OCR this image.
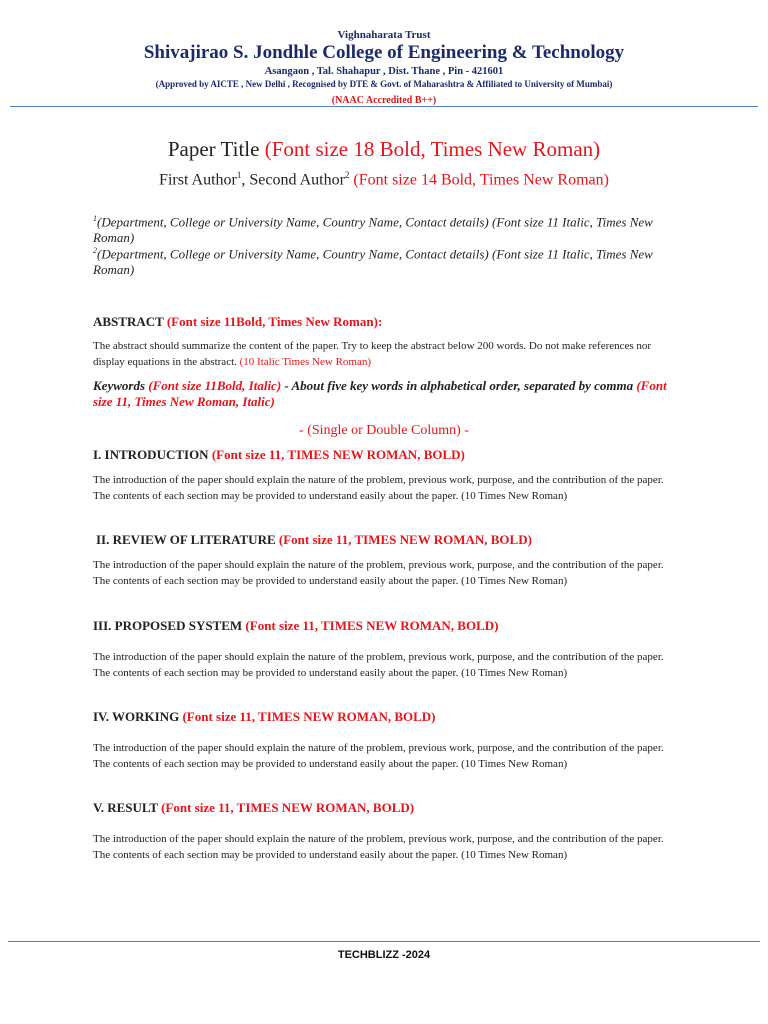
Vighnaharata Trust
Shivajirao S. Jondhle College of Engineering & Technology
Asangaon , Tal. Shahapur , Dist. Thane , Pin - 421601
(Approved by AICTE , New Delhi , Recognised by DTE & Govt. of Maharashtra & Affiliated to University of Mumbai)
(NAAC Accredited B++)
Paper Title (Font size 18 Bold, Times New Roman)
First Author$^1$, Second Author$^2$ (Font size 14 Bold, Times New Roman)
$^1$(Department, College or University Name, Country Name, Contact details) (Font size 11 Italic, Times New Roman)
$^2$(Department, College or University Name, Country Name, Contact details) (Font size 11 Italic, Times New Roman)
ABSTRACT (Font size 11Bold, Times New Roman):
The abstract should summarize the content of the paper. Try to keep the abstract below 200 words. Do not make references nor display equations in the abstract. (10 Italic Times New Roman)
Keywords (Font size 11Bold, Italic) - About five key words in alphabetical order, separated by comma (Font size 11, Times New Roman, Italic)
- (Single or Double Column) -
I. INTRODUCTION (Font size 11, TIMES NEW ROMAN, BOLD)
The introduction of the paper should explain the nature of the problem, previous work, purpose, and the contribution of the paper. The contents of each section may be provided to understand easily about the paper. (10 Times New Roman)
II. REVIEW OF LITERATURE (Font size 11, TIMES NEW ROMAN, BOLD)
The introduction of the paper should explain the nature of the problem, previous work, purpose, and the contribution of the paper. The contents of each section may be provided to understand easily about the paper. (10 Times New Roman)
III. PROPOSED SYSTEM (Font size 11, TIMES NEW ROMAN, BOLD)
The introduction of the paper should explain the nature of the problem, previous work, purpose, and the contribution of the paper. The contents of each section may be provided to understand easily about the paper. (10 Times New Roman)
IV. WORKING (Font size 11, TIMES NEW ROMAN, BOLD)
The introduction of the paper should explain the nature of the problem, previous work, purpose, and the contribution of the paper. The contents of each section may be provided to understand easily about the paper. (10 Times New Roman)
V. RESULT (Font size 11, TIMES NEW ROMAN, BOLD)
The introduction of the paper should explain the nature of the problem, previous work, purpose, and the contribution of the paper. The contents of each section may be provided to understand easily about the paper. (10 Times New Roman)
TECHBLIZZ -2024
